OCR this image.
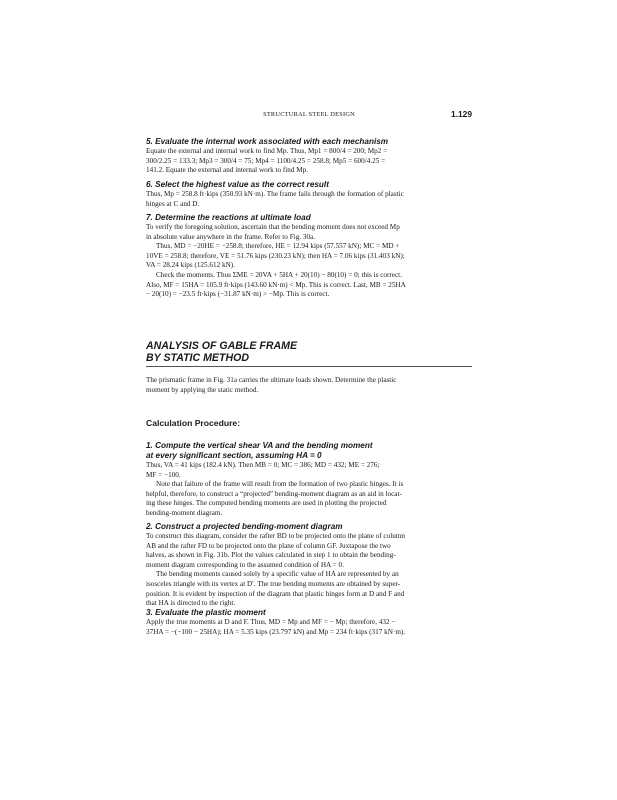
STRUCTURAL STEEL DESIGN	1.129

5. Evaluate the internal work associated with each mechanism

Equate the external and internal work to find Mp. Thus, Mp1 = 800/4 = 200; Mp2 =

300/2.25 = 133.3; Mp3 = 300/4 = 75; Mp4 = 1100/4.25 = 258.8; Mp5 = 600/4.25 =

141.2. Equate the external and internal work to find Mp.

6. Select the highest value as the correct result

Thus, Mp = 258.8 ft·kips (350.93 kN·m). The frame fails through the formation of plastic

hinges at C and D.

7. Determine the reactions at ultimate load

To verify the foregoing solution, ascertain that the bending moment does not exceed Mp

in absolute value anywhere in the frame. Refer to Fig. 30a.

Thus, MD = −20HE = −258.8; therefore, HE = 12.94 kips (57.557 kN); MC = MD +

10VE = 258.8; therefore, VE = 51.76 kips (230.23 kN); then HA = 7.06 kips (31.403 kN);

VA = 28.24 kips (125.612 kN).

Check the moments. Thus ΣME = 20VA + 5HA + 20(10) − 80(10) = 0; this is correct.

Also, MF = 15HA = 105.9 ft·kips (143.60 kN·m) < Mp. This is correct. Last, MB = 25HA

− 20(10) = −23.5 ft·kips (−31.87 kN·m) > −Mp. This is correct.

ANALYSIS OF GABLE FRAME

BY STATIC METHOD

The prismatic frame in Fig. 31a carries the ultimate loads shown. Determine the plastic

moment by applying the static method.

Calculation Procedure:

1. Compute the vertical shear VA and the bending moment

at every significant section, assuming HA = 0

Thus, VA = 41 kips (182.4 kN). Then MB = 0; MC = 386; MD = 432; ME = 276;

MF = −100.

Note that failure of the frame will result from the formation of two plastic hinges. It is

helpful, therefore, to construct a “projected” bending-moment diagram as an aid in locat-

ing these hinges. The computed bending moments are used in plotting the projected

bending-moment diagram.

2. Construct a projected bending-moment diagram

To construct this diagram, consider the rafter BD to be projected onto the plane of column

AB and the rafter FD to be projected onto the plane of column GF. Juxtapose the two

halves, as shown in Fig. 31b. Plot the values calculated in step 1 to obtain the bending-

moment diagram corresponding to the assumed condition of HA = 0.

The bending moments caused solely by a specific value of HA are represented by an

isosceles triangle with its vertex at D′. The true bending moments are obtained by super-

position. It is evident by inspection of the diagram that plastic hinges form at D and F and

that HA is directed to the right.

3. Evaluate the plastic moment

Apply the true moments at D and F. Thus, MD = Mp and MF = − Mp; therefore, 432 −

37HA = −(−100 − 25HA); HA = 5.35 kips (23.797 kN) and Mp = 234 ft·kips (317 kN·m).
